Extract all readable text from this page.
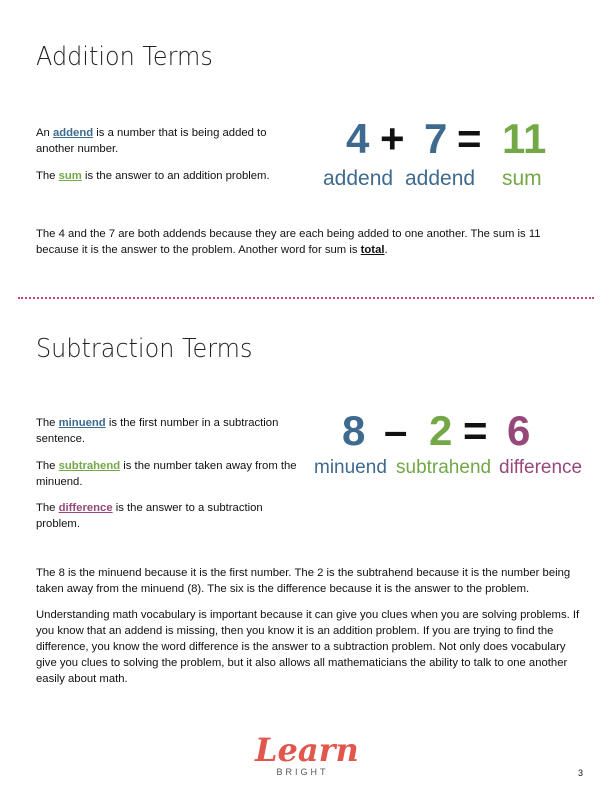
Addition Terms

An addend is a number that is being added to another number.

The sum is the answer to an addition problem.

4 + 7 = 11
addend addend sum

The 4 and the 7 are both addends because they are each being added to one another. The sum is 11 because it is the answer to the problem. Another word for sum is total.

Subtraction Terms

The minuend is the first number in a subtraction sentence.

The subtrahend is the number taken away from the minuend.

The difference is the answer to a subtraction problem.

8 – 2 = 6
minuend subtrahend difference

The 8 is the minuend because it is the first number. The 2 is the subtrahend because it is the number being taken away from the minuend (8). The six is the difference because it is the answer to the problem.

Understanding math vocabulary is important because it can give you clues when you are solving problems. If you know that an addend is missing, then you know it is an addition problem. If you are trying to find the difference, you know the word difference is the answer to a subtraction problem. Not only does vocabulary give you clues to solving the problem, but it also allows all mathematicians the ability to talk to one another easily about math.

Learn
BRIGHT	3
